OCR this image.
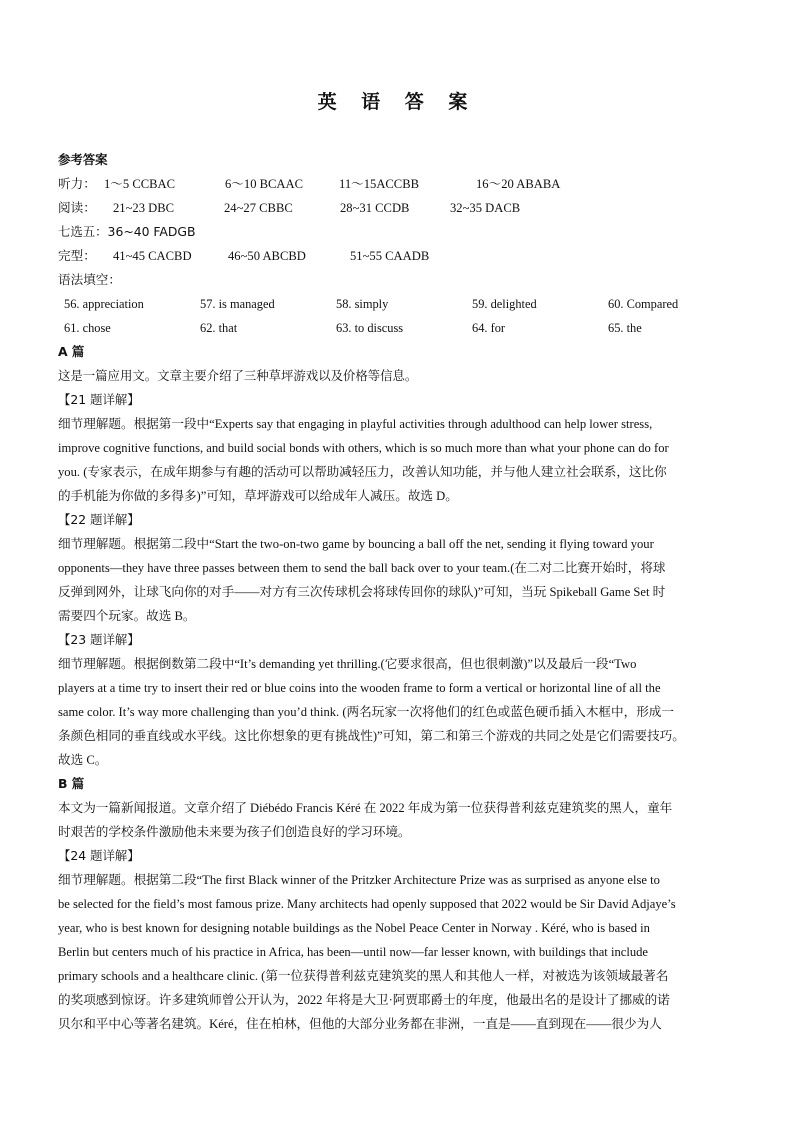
英 语 答 案
参考答案
听力： 1～5 CCBAC	6～10 BCAAC	11～15ACCBB	16～20 ABABA
阅读： 21~23 DBC	24~27 CBBC	28~31 CCDB	32~35 DACB
七选五：36~40 FADGB
完型： 41~45 CACBD	46~50 ABCBD	51~55 CAADB
语法填空：
56. appreciation	57. is managed	58. simply	59. delighted	60. Compared
61. chose	62. that	63. to discuss	64. for	65. the
A 篇
这是一篇应用文。文章主要介绍了三种草坪游戏以及价格等信息。
【21 题详解】
细节理解题。根据第一段中“Experts say that engaging in playful activities through adulthood can help lower stress,
improve cognitive functions, and build social bonds with others, which is so much more than what your phone can do for
you. (专家表示，在成年期参与有趣的活动可以帮助减轻压力，改善认知功能，并与他人建立社会联系，这比你
的手机能为你做的多得多)”可知，草坪游戏可以给成年人减压。故选 D。
【22 题详解】
细节理解题。根据第二段中“Start the two-on-two game by bouncing a ball off the net, sending it flying toward your
opponents—they have three passes between them to send the ball back over to your team.(在二对二比赛开始时，将球
反弹到网外，让球飞向你的对手——对方有三次传球机会将球传回你的球队)”可知，当玩 Spikeball Game Set 时
需要四个玩家。故选 B。
【23 题详解】
细节理解题。根据倒数第二段中“It’s demanding yet thrilling.(它要求很高，但也很刺激)”以及最后一段“Two
players at a time try to insert their red or blue coins into the wooden frame to form a vertical or horizontal line of all the
same color. It’s way more challenging than you’d think. (两名玩家一次将他们的红色或蓝色硬币插入木框中，形成一
条颜色相同的垂直线或水平线。这比你想象的更有挑战性)”可知，第二和第三个游戏的共同之处是它们需要技巧。
故选 C。
B 篇
本文为一篇新闻报道。文章介绍了 Diébédo Francis Kéré 在 2022 年成为第一位获得普利兹克建筑奖的黑人，童年
时艰苦的学校条件激励他未来要为孩子们创造良好的学习环境。
【24 题详解】
细节理解题。根据第二段“The first Black winner of the Pritzker Architecture Prize was as surprised as anyone else to
be selected for the field’s most famous prize. Many architects had openly supposed that 2022 would be Sir David Adjaye’s
year, who is best known for designing notable buildings as the Nobel Peace Center in Norway . Kéré, who is based in
Berlin but centers much of his practice in Africa, has been—until now—far lesser known, with buildings that include
primary schools and a healthcare clinic. (第一位获得普利兹克建筑奖的黑人和其他人一样，对被选为该领域最著名
的奖项感到惊讶。许多建筑师曾公开认为，2022 年将是大卫·阿贾耶爵士的年度，他最出名的是设计了挪威的诺
贝尔和平中心等著名建筑。Kéré，住在柏林，但他的大部分业务都在非洲，一直是——直到现在——很少为人
